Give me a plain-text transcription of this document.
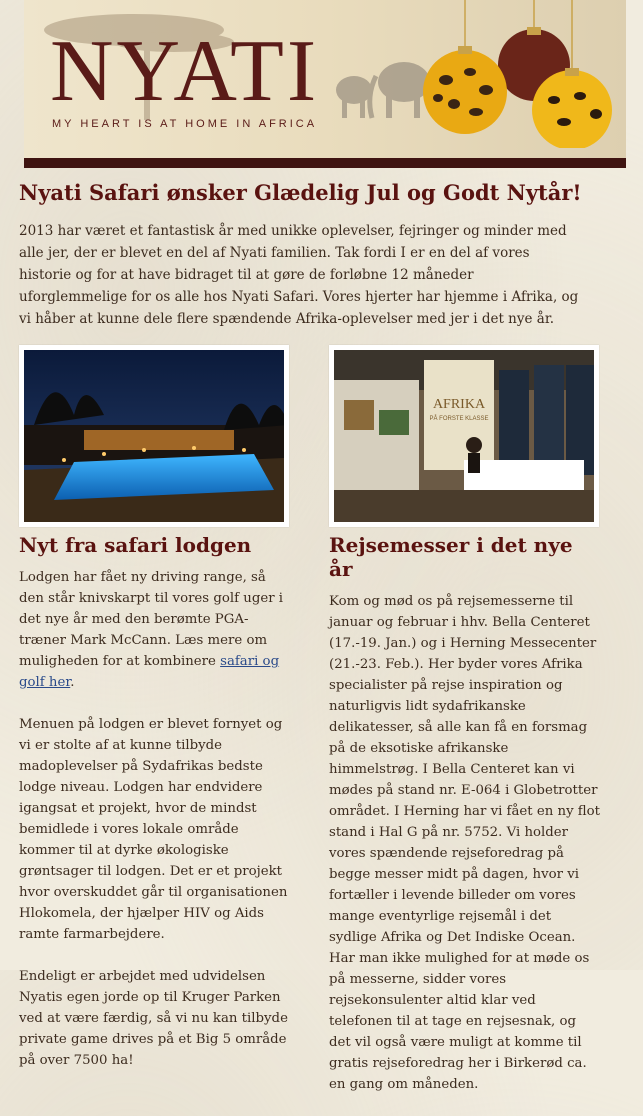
NYATI
MY HEART IS AT HOME IN AFRICA
Nyati Safari ønsker Glædelig Jul og Godt Nytår!

2013 har været et fantastisk år med unikke oplevelser, fejringer og minder med alle jer, der er blevet en del af Nyati familien. Tak fordi I er en del af vores historie og for at have bidraget til at gøre de forløbne 12 måneder uforglemmelige for os alle hos Nyati Safari. Vores hjerter har hjemme i Afrika, og vi håber at kunne dele flere spændende Afrika-oplevelser med jer i det nye år.

Nyt fra safari lodgen

Lodgen har fået ny driving range, så den står knivskarpt til vores golf uger i det nye år med den berømte PGA-træner Mark McCann. Læs mere om muligheden for at kombinere safari og golf her.

Menuen på lodgen er blevet fornyet og vi er stolte af at kunne tilbyde madoplevelser på Sydafrikas bedste lodge niveau. Lodgen har endvidere igangsat et projekt, hvor de mindst bemidlede i vores lokale område kommer til at dyrke økologiske grøntsager til lodgen. Det er et projekt hvor overskuddet går til organisationen Hlokomela, der hjælper HIV og Aids ramte farmarbejdere.

Endeligt er arbejdet med udvidelsen Nyatis egen jorde op til Kruger Parken ved at være færdig, så vi nu kan tilbyde private game drives på et Big 5 område på over 7500 ha!

AFRIKA
PÅ FORSTE KLASSE
Rejsemesser i det nye år

Kom og mød os på rejsemesserne til januar og februar i hhv. Bella Centeret (17.-19. Jan.) og i Herning Messecenter (21.-23. Feb.). Her byder vores Afrika specialister på rejse inspiration og naturligvis lidt sydafrikanske delikatesser, så alle kan få en forsmag på de eksotiske afrikanske himmelstrøg. I Bella Centeret kan vi mødes på stand nr. E-064 i Globetrotter området. I Herning har vi fået en ny flot stand i Hal G på nr. 5752. Vi holder vores spændende rejseforedrag på begge messer midt på dagen, hvor vi fortæller i levende billeder om vores mange eventyrlige rejsemål i det sydlige Afrika og Det Indiske Ocean. Har man ikke mulighed for at møde os på messerne, sidder vores rejsekonsulenter altid klar ved telefonen til at tage en rejsesnak, og det vil også være muligt at komme til gratis rejseforedrag her i Birkerød ca. en gang om måneden.
